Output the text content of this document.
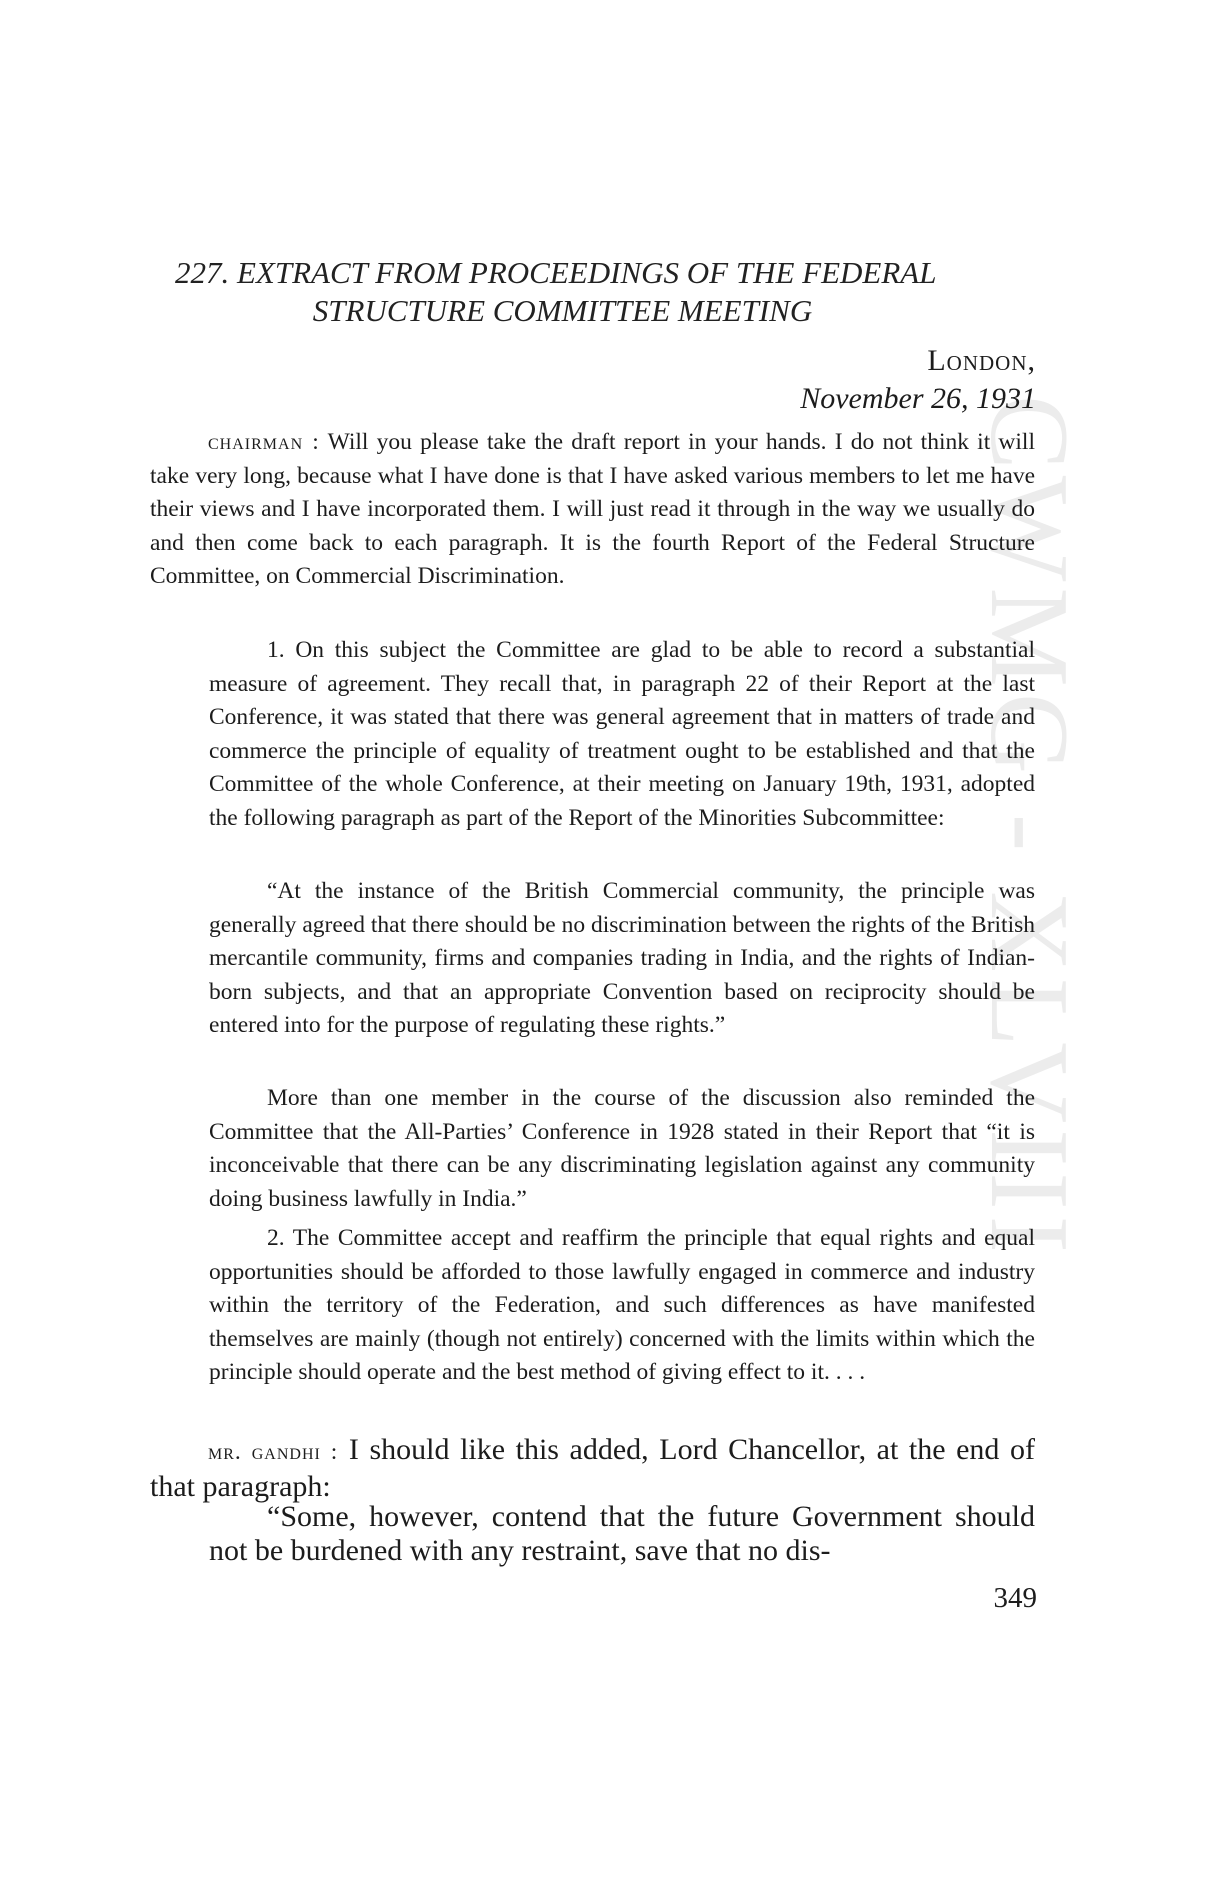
CWMG - XLVIII
227. EXTRACT FROM PROCEEDINGS OF THE FEDERAL
STRUCTURE COMMITTEE MEETING
London,
November 26, 1931

chairman : Will you please take the draft report in your hands. I do not think it will take very long, because what I have done is that I have asked various members to let me have their views and I have incorporated them. I will just read it through in the way we usually do and then come back to each paragraph. It is the fourth Report of the Federal Structure Committee, on Commercial Discrimination.

1. On this subject the Committee are glad to be able to record a substantial measure of agreement. They recall that, in paragraph 22 of their Report at the last Conference, it was stated that there was general agreement that in matters of trade and commerce the principle of equality of treatment ought to be established and that the Committee of the whole Conference, at their meeting on January 19th, 1931, adopted the following paragraph as part of the Report of the Minorities Subcommittee:

“At the instance of the British Commercial community, the principle was generally agreed that there should be no discrimination between the rights of the British mercantile community, firms and companies trading in India, and the rights of Indian-born subjects, and that an appropriate Convention based on reciprocity should be entered into for the purpose of regulating these rights.”

More than one member in the course of the discussion also reminded the Committee that the All-Parties’ Conference in 1928 stated in their Report that “it is inconceivable that there can be any discriminating legislation against any community doing business lawfully in India.”

2. The Committee accept and reaffirm the principle that equal rights and equal opportunities should be afforded to those lawfully engaged in commerce and industry within the territory of the Federation, and such differences as have manifested themselves are mainly (though not entirely) concerned with the limits within which the principle should operate and the best method of giving effect to it. . . .

mr. gandhi : I should like this added, Lord Chancellor, at the end of that paragraph:

“Some, however, contend that the future Government should not be burdened with any restraint, save that no dis-

349
